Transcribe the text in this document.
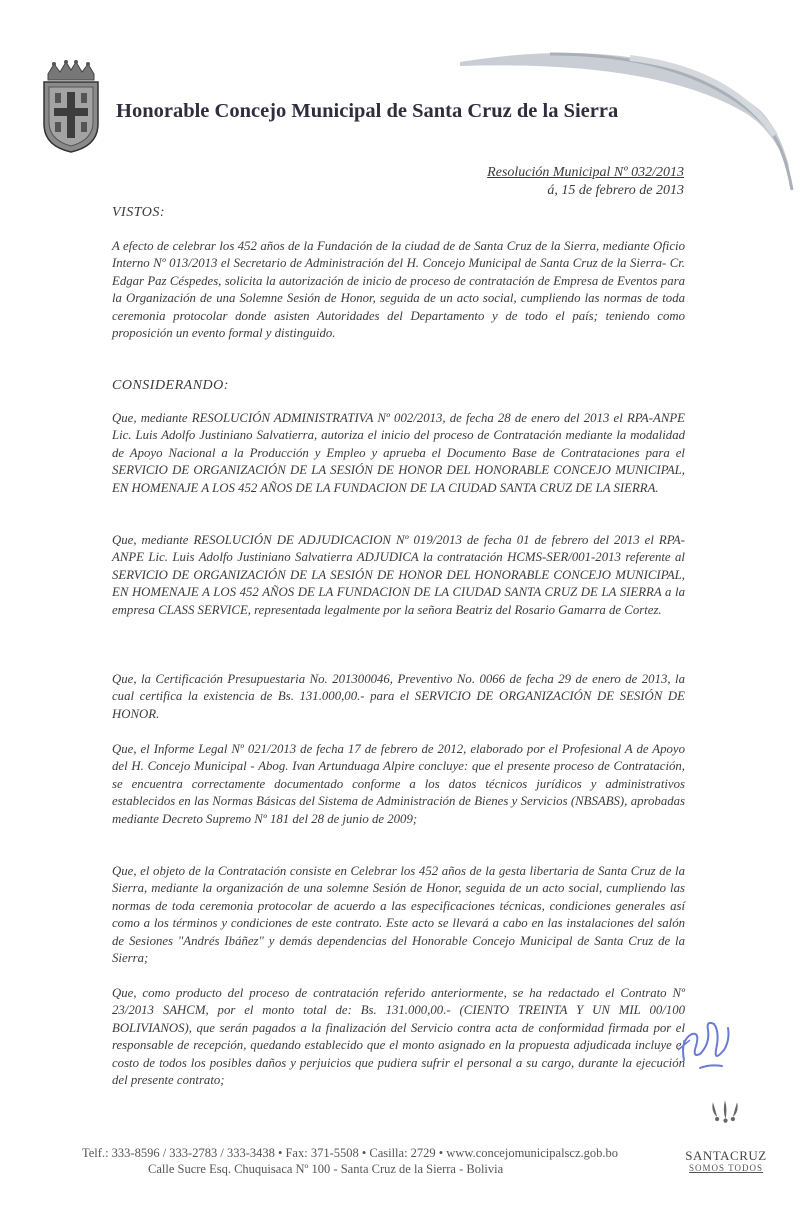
Honorable Concejo Municipal de Santa Cruz de la Sierra
Resolución Municipal Nº 032/2013
á, 15 de febrero de 2013
VISTOS:
A efecto de celebrar los 452 años de la Fundación de la ciudad de de Santa Cruz de la Sierra, mediante Oficio Interno Nº 013/2013 el Secretario de Administración del H. Concejo Municipal de Santa Cruz de la Sierra- Cr. Edgar Paz Céspedes, solicita la autorización de inicio de proceso de contratación de Empresa de Eventos para la Organización de una Solemne Sesión de Honor, seguida de un acto social, cumpliendo las normas de toda ceremonia protocolar donde asisten Autoridades del Departamento y de todo el país; teniendo como proposición un evento formal y distinguido.
CONSIDERANDO:
Que, mediante RESOLUCIÓN ADMINISTRATIVA Nº 002/2013, de fecha 28 de enero del 2013 el RPA-ANPE Lic. Luis Adolfo Justiniano Salvatierra, autoriza el inicio del proceso de Contratación mediante la modalidad de Apoyo Nacional a la Producción y Empleo y aprueba el Documento Base de Contrataciones para el SERVICIO DE ORGANIZACIÓN DE LA SESIÓN DE HONOR DEL HONORABLE CONCEJO MUNICIPAL, EN HOMENAJE A LOS 452 AÑOS DE LA FUNDACION DE LA CIUDAD SANTA CRUZ DE LA SIERRA.
Que, mediante RESOLUCIÓN DE ADJUDICACION Nº 019/2013 de fecha 01 de febrero del 2013 el RPA-ANPE Lic. Luis Adolfo Justiniano Salvatierra ADJUDICA la contratación HCMS-SER/001-2013 referente al SERVICIO DE ORGANIZACIÓN DE LA SESIÓN DE HONOR DEL HONORABLE CONCEJO MUNICIPAL, EN HOMENAJE A LOS 452 AÑOS DE LA FUNDACION DE LA CIUDAD SANTA CRUZ DE LA SIERRA a la empresa CLASS SERVICE, representada legalmente por la señora Beatriz del Rosario Gamarra de Cortez.
Que, la Certificación Presupuestaria No. 201300046, Preventivo No. 0066 de fecha 29 de enero de 2013, la cual certifica la existencia de Bs. 131.000,00.- para el SERVICIO DE ORGANIZACIÓN DE SESIÓN DE HONOR.
Que, el Informe Legal Nº 021/2013 de fecha 17 de febrero de 2012, elaborado por el Profesional A de Apoyo del H. Concejo Municipal - Abog. Ivan Artunduaga Alpire concluye: que el presente proceso de Contratación, se encuentra correctamente documentado conforme a los datos técnicos jurídicos y administrativos establecidos en las Normas Básicas del Sistema de Administración de Bienes y Servicios (NBSABS), aprobadas mediante Decreto Supremo Nº 181 del 28 de junio de 2009;
Que, el objeto de la Contratación consiste en Celebrar los 452 años de la gesta libertaria de Santa Cruz de la Sierra, mediante la organización de una solemne Sesión de Honor, seguida de un acto social, cumpliendo las normas de toda ceremonia protocolar de acuerdo a las especificaciones técnicas, condiciones generales así como a los términos y condiciones de este contrato. Este acto se llevará a cabo en las instalaciones del salón de Sesiones "Andrés Ibáñez" y demás dependencias del Honorable Concejo Municipal de Santa Cruz de la Sierra;
Que, como producto del proceso de contratación referido anteriormente, se ha redactado el Contrato Nº 23/2013 SAHCM, por el monto total de: Bs. 131.000,00.- (CIENTO TREINTA Y UN MIL 00/100 BOLIVIANOS), que serán pagados a la finalización del Servicio contra acta de conformidad firmada por el responsable de recepción, quedando establecido que el monto asignado en la propuesta adjudicada incluye el costo de todos los posibles daños y perjuicios que pudiera sufrir el personal a su cargo, durante la ejecución del presente contrato;
Telf.: 333-8596 / 333-2783 / 333-3438 • Fax: 371-5508 • Casilla: 2729 • www.concejomunicipalscz.gob.bo
Calle Sucre Esq. Chuquisaca Nº 100 - Santa Cruz de la Sierra - Bolivia
SANTACRUZ
SOMOS TODOS
